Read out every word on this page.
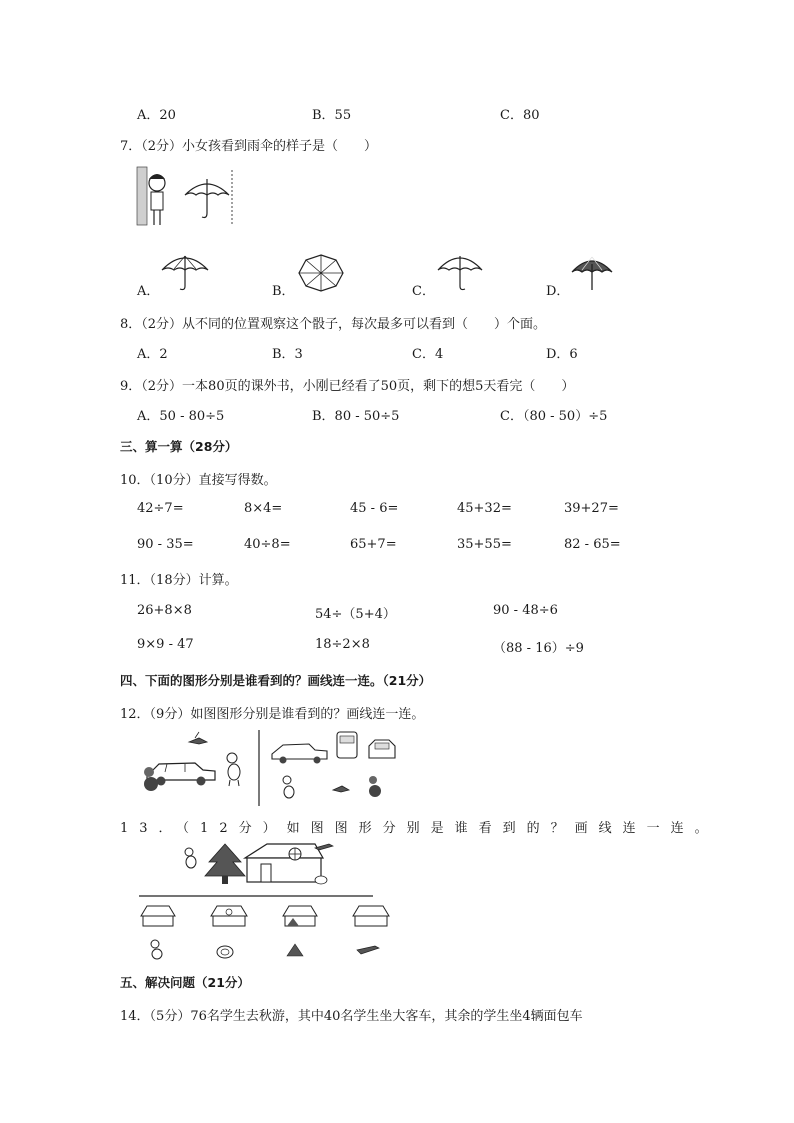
A．20	B．55	C．80
7．（2分）小女孩看到雨伞的样子是（　　）
A．	B．	C．	D．
8．（2分）从不同的位置观察这个骰子，每次最多可以看到（　　）个面。
A．2	B．3	C．4	D．6
9．（2分）一本80页的课外书，小刚已经看了50页，剩下的想5天看完（　　）
A．50 - 80÷5	B．80 - 50÷5	C．（80 - 50）÷5
三、算一算（28分）
10．（10分）直接写得数。
42÷7=	8×4=	45 - 6=	45+32=	39+27=
90 - 35=	40÷8=	65+7=	35+55=	82 - 65=
11．（18分）计算。
26+8×8	54÷（5+4）	90 - 48÷6
9×9 - 47	18÷2×8	（88 - 16）÷9
四、下面的图形分别是谁看到的？画线连一连。（21分）
12．（9分）如图图形分别是谁看到的？画线连一连。
13．（12分）如图图形分别是谁看到的？画线连一连。
五、解决问题（21分）
14．（5分）76名学生去秋游，其中40名学生坐大客车，其余的学生坐4辆面包车
